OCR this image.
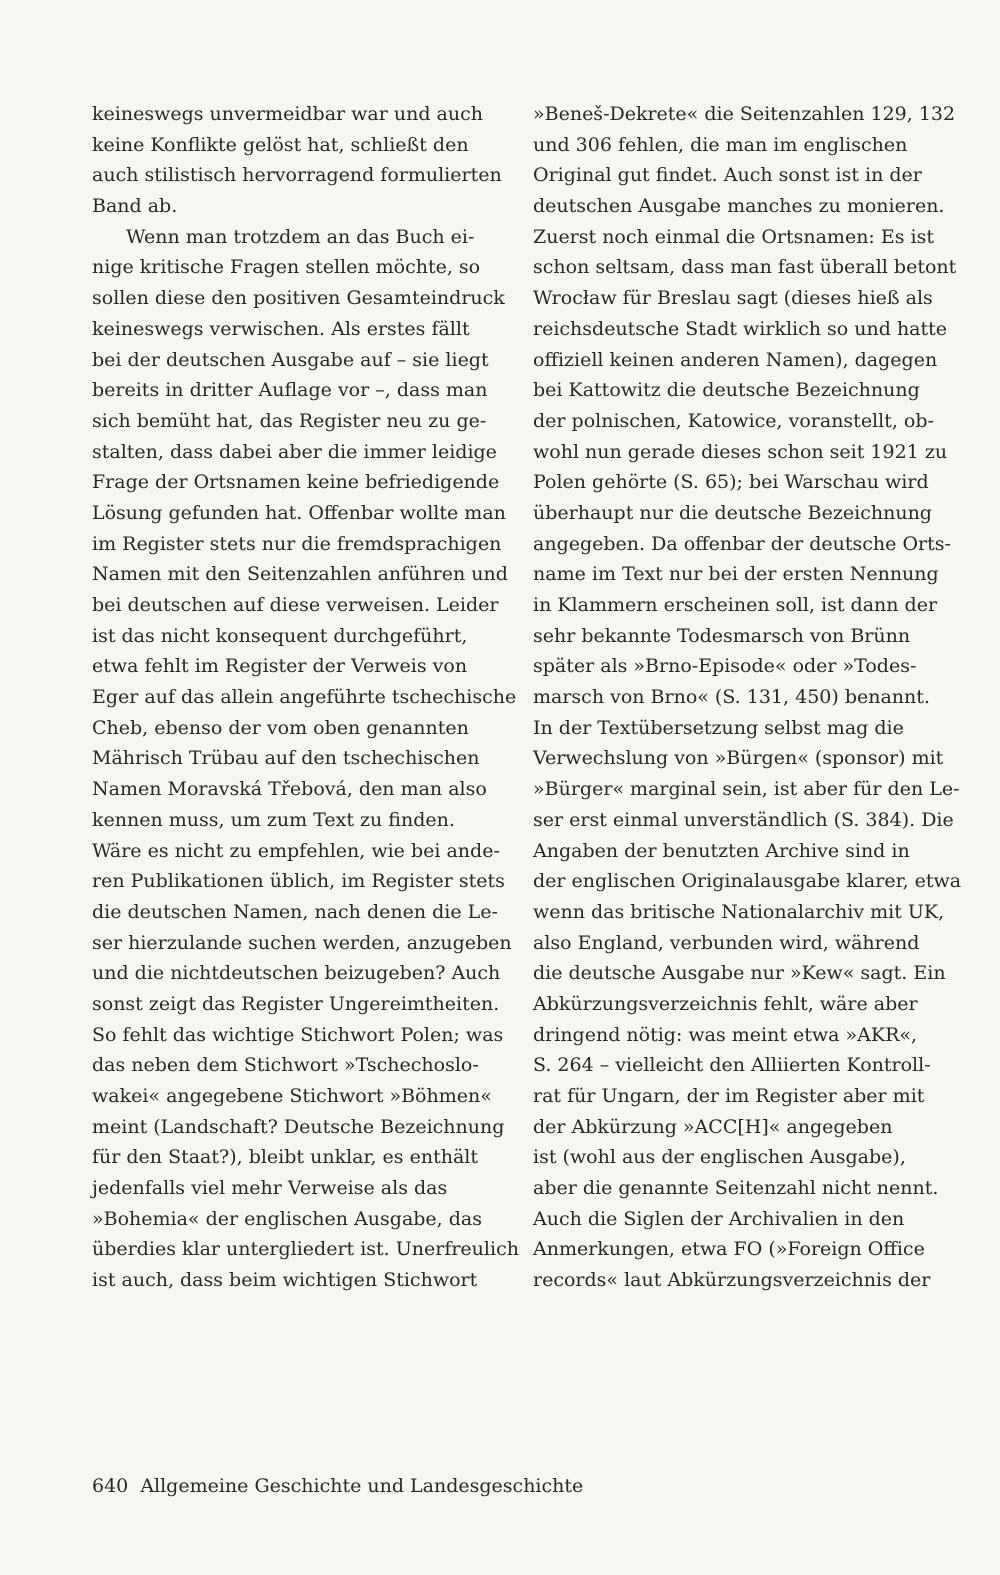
keineswegs unvermeidbar war und auch
keine Konflikte gelöst hat, schließt den
auch stilistisch hervorragend formulierten
Band ab.
Wenn man trotzdem an das Buch ei-
nige kritische Fragen stellen möchte, so
sollen diese den positiven Gesamteindruck
keineswegs verwischen. Als erstes fällt
bei der deutschen Ausgabe auf – sie liegt
bereits in dritter Auflage vor –, dass man
sich bemüht hat, das Register neu zu ge-
stalten, dass dabei aber die immer leidige
Frage der Ortsnamen keine befriedigende
Lösung gefunden hat. Offenbar wollte man
im Register stets nur die fremdsprachigen
Namen mit den Seitenzahlen anführen und
bei deutschen auf diese verweisen. Leider
ist das nicht konsequent durchgeführt,
etwa fehlt im Register der Verweis von
Eger auf das allein angeführte tschechische
Cheb, ebenso der vom oben genannten
Mährisch Trübau auf den tschechischen
Namen Moravská Třebová, den man also
kennen muss, um zum Text zu finden.
Wäre es nicht zu empfehlen, wie bei ande-
ren Publikationen üblich, im Register stets
die deutschen Namen, nach denen die Le-
ser hierzulande suchen werden, anzugeben
und die nichtdeutschen beizugeben? Auch
sonst zeigt das Register Ungereimtheiten.
So fehlt das wichtige Stichwort Polen; was
das neben dem Stichwort »Tschechoslo-
wakei« angegebene Stichwort »Böhmen«
meint (Landschaft? Deutsche Bezeichnung
für den Staat?), bleibt unklar, es enthält
jedenfalls viel mehr Verweise als das
»Bohemia« der englischen Ausgabe, das
überdies klar untergliedert ist. Unerfreulich
ist auch, dass beim wichtigen Stichwort
»Beneš-Dekrete« die Seitenzahlen 129, 132
und 306 fehlen, die man im englischen
Original gut findet. Auch sonst ist in der
deutschen Ausgabe manches zu monieren.
Zuerst noch einmal die Ortsnamen: Es ist
schon seltsam, dass man fast überall betont
Wrocław für Breslau sagt (dieses hieß als
reichsdeutsche Stadt wirklich so und hatte
offiziell keinen anderen Namen), dagegen
bei Kattowitz die deutsche Bezeichnung
der polnischen, Katowice, voranstellt, ob-
wohl nun gerade dieses schon seit 1921 zu
Polen gehörte (S. 65); bei Warschau wird
überhaupt nur die deutsche Bezeichnung
angegeben. Da offenbar der deutsche Orts-
name im Text nur bei der ersten Nennung
in Klammern erscheinen soll, ist dann der
sehr bekannte Todesmarsch von Brünn
später als »Brno-Episode« oder »Todes-
marsch von Brno« (S. 131, 450) benannt.
In der Textübersetzung selbst mag die
Verwechslung von »Bürgen« (sponsor) mit
»Bürger« marginal sein, ist aber für den Le-
ser erst einmal unverständlich (S. 384). Die
Angaben der benutzten Archive sind in
der englischen Originalausgabe klarer, etwa
wenn das britische Nationalarchiv mit UK,
also England, verbunden wird, während
die deutsche Ausgabe nur »Kew« sagt. Ein
Abkürzungsverzeichnis fehlt, wäre aber
dringend nötig: was meint etwa »AKR«,
S. 264 – vielleicht den Alliierten Kontroll-
rat für Ungarn, der im Register aber mit
der Abkürzung »ACC[H]« angegeben
ist (wohl aus der englischen Ausgabe),
aber die genannte Seitenzahl nicht nennt.
Auch die Siglen der Archivalien in den
Anmerkungen, etwa FO (»Foreign Office
records« laut Abkürzungsverzeichnis der
640 Allgemeine Geschichte und Landesgeschichte
